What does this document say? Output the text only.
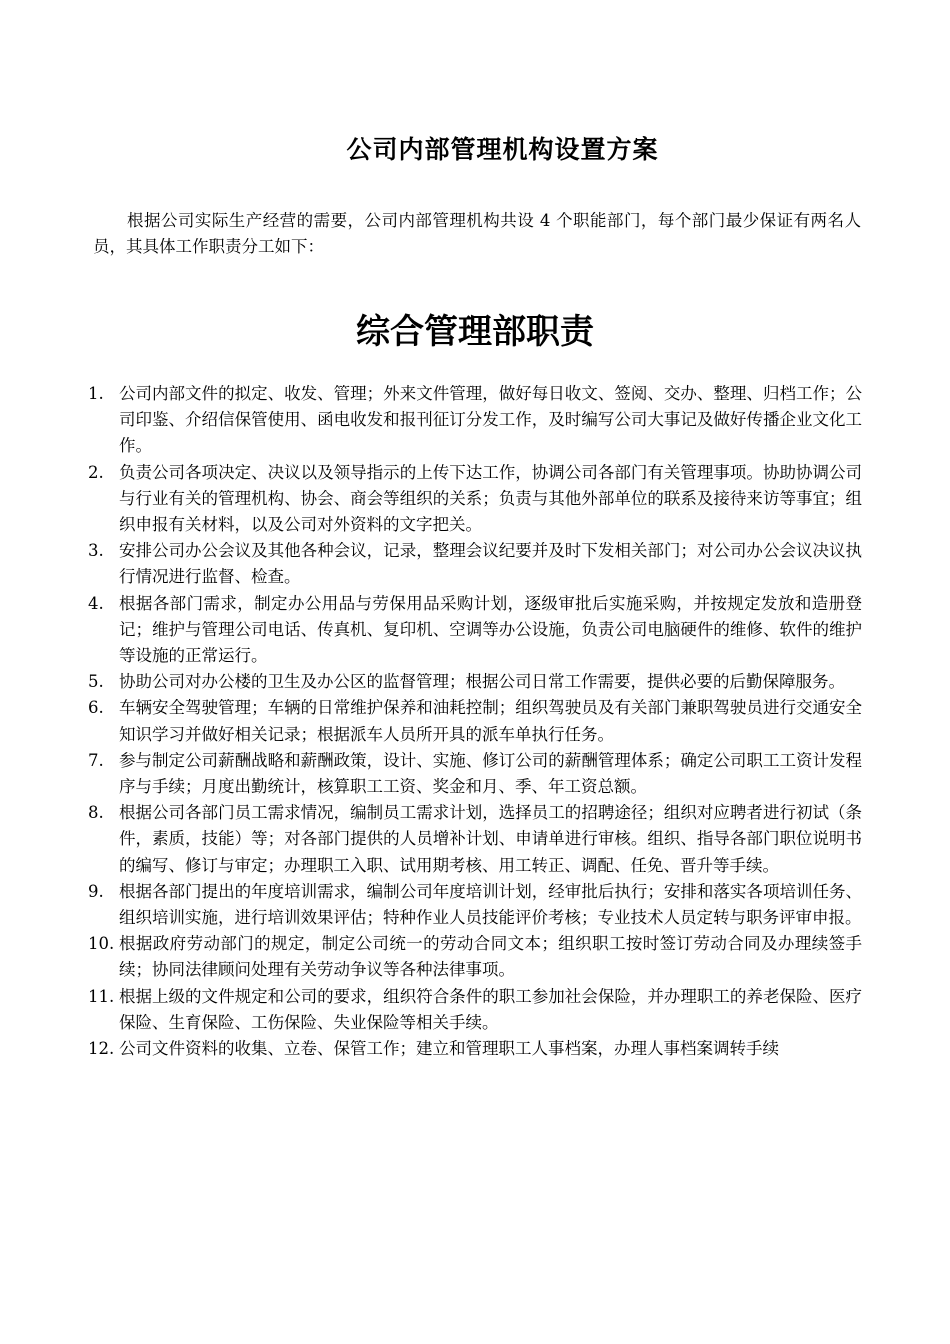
公司内部管理机构设置方案

根据公司实际生产经营的需要，公司内部管理机构共设 4 个职能部门，每个部门最少保证有两名人员，其具体工作职责分工如下：

综合管理部职责
1. 公司内部文件的拟定、收发、管理；外来文件管理，做好每日收文、签阅、交办、整理、归档工作；公司印鉴、介绍信保管使用、函电收发和报刊征订分发工作，及时编写公司大事记及做好传播企业文化工作。
2. 负责公司各项决定、决议以及领导指示的上传下达工作，协调公司各部门有关管理事项。协助协调公司与行业有关的管理机构、协会、商会等组织的关系；负责与其他外部单位的联系及接待来访等事宜；组织申报有关材料，以及公司对外资料的文字把关。
3. 安排公司办公会议及其他各种会议，记录，整理会议纪要并及时下发相关部门；对公司办公会议决议执行情况进行监督、检查。
4. 根据各部门需求，制定办公用品与劳保用品采购计划，逐级审批后实施采购，并按规定发放和造册登记；维护与管理公司电话、传真机、复印机、空调等办公设施，负责公司电脑硬件的维修、软件的维护等设施的正常运行。
5. 协助公司对办公楼的卫生及办公区的监督管理；根据公司日常工作需要，提供必要的后勤保障服务。
6. 车辆安全驾驶管理；车辆的日常维护保养和油耗控制；组织驾驶员及有关部门兼职驾驶员进行交通安全知识学习并做好相关记录；根据派车人员所开具的派车单执行任务。
7. 参与制定公司薪酬战略和薪酬政策，设计、实施、修订公司的薪酬管理体系；确定公司职工工资计发程序与手续；月度出勤统计，核算职工工资、奖金和月、季、年工资总额。
8. 根据公司各部门员工需求情况，编制员工需求计划，选择员工的招聘途径；组织对应聘者进行初试（条件，素质，技能）等；对各部门提供的人员增补计划、申请单进行审核。组织、指导各部门职位说明书的编写、修订与审定；办理职工入职、试用期考核、用工转正、调配、任免、晋升等手续。
9. 根据各部门提出的年度培训需求，编制公司年度培训计划，经审批后执行；安排和落实各项培训任务、组织培训实施，进行培训效果评估；特种作业人员技能评价考核；专业技术人员定转与职务评审申报。
10. 根据政府劳动部门的规定，制定公司统一的劳动合同文本；组织职工按时签订劳动合同及办理续签手续；协同法律顾问处理有关劳动争议等各种法律事项。
11. 根据上级的文件规定和公司的要求，组织符合条件的职工参加社会保险，并办理职工的养老保险、医疗保险、生育保险、工伤保险、失业保险等相关手续。
12. 公司文件资料的收集、立卷、保管工作；建立和管理职工人事档案，办理人事档案调转手续
